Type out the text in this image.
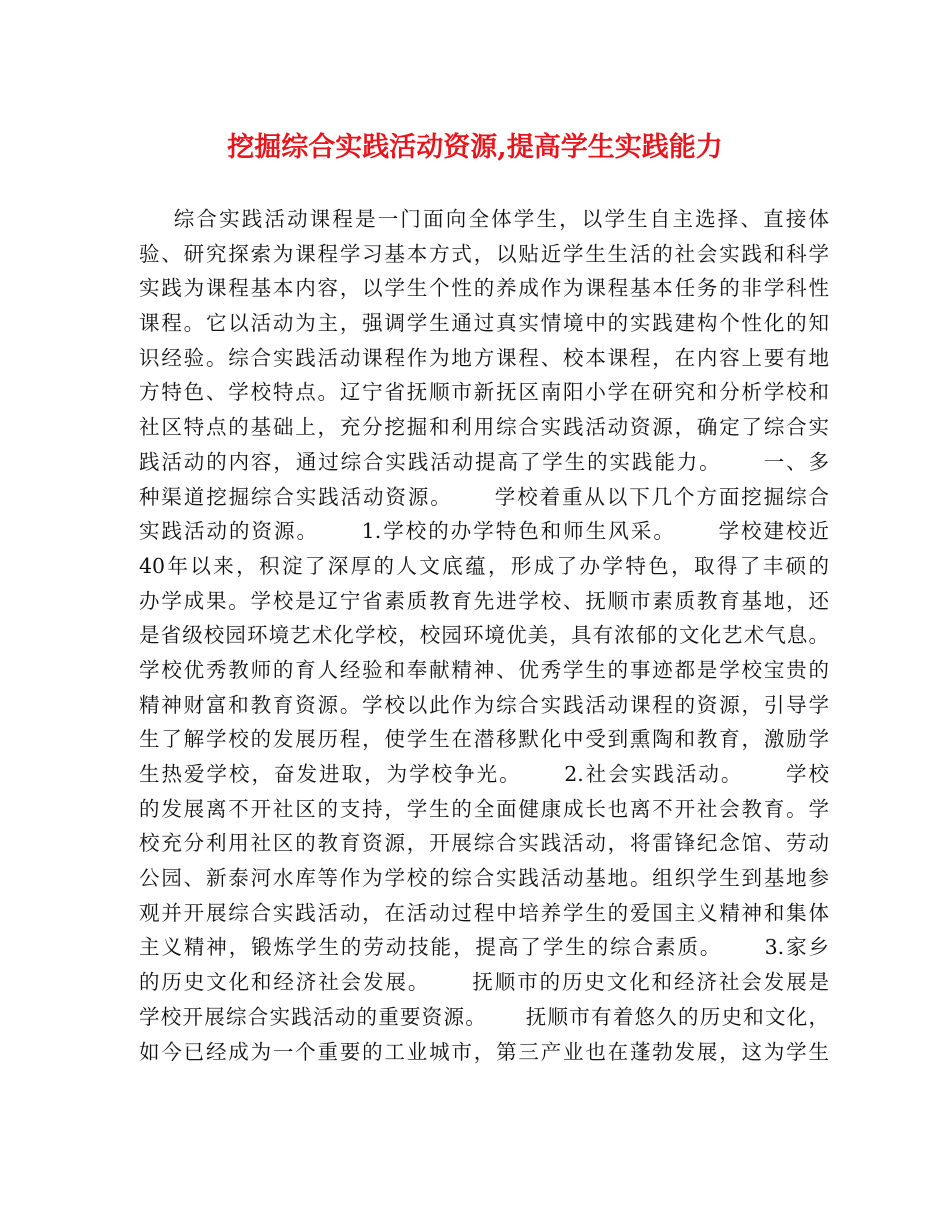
挖掘综合实践活动资源,提高学生实践能力
综合实践活动课程是一门面向全体学生，以学生自主选择、直接体
验、研究探索为课程学习基本方式，以贴近学生生活的社会实践和科学
实践为课程基本内容，以学生个性的养成作为课程基本任务的非学科性
课程。它以活动为主，强调学生通过真实情境中的实践建构个性化的知
识经验。综合实践活动课程作为地方课程、校本课程，在内容上要有地
方特色、学校特点。辽宁省抚顺市新抚区南阳小学在研究和分析学校和
社区特点的基础上，充分挖掘和利用综合实践活动资源，确定了综合实
践活动的内容，通过综合实践活动提高了学生的实践能力。     一、多
种渠道挖掘综合实践活动资源。     学校着重从以下几个方面挖掘综合
实践活动的资源。     1.学校的办学特色和师生风采。     学校建校近
40年以来，积淀了深厚的人文底蕴，形成了办学特色，取得了丰硕的
办学成果。学校是辽宁省素质教育先进学校、抚顺市素质教育基地，还
是省级校园环境艺术化学校，校园环境优美，具有浓郁的文化艺术气息。
学校优秀教师的育人经验和奉献精神、优秀学生的事迹都是学校宝贵的
精神财富和教育资源。学校以此作为综合实践活动课程的资源，引导学
生了解学校的发展历程，使学生在潜移默化中受到熏陶和教育，激励学
生热爱学校，奋发进取，为学校争光。     2.社会实践活动。     学校
的发展离不开社区的支持，学生的全面健康成长也离不开社会教育。学
校充分利用社区的教育资源，开展综合实践活动，将雷锋纪念馆、劳动
公园、新泰河水库等作为学校的综合实践活动基地。组织学生到基地参
观并开展综合实践活动，在活动过程中培养学生的爱国主义精神和集体
主义精神，锻炼学生的劳动技能，提高了学生的综合素质。     3.家乡
的历史文化和经济社会发展。     抚顺市的历史文化和经济社会发展是
学校开展综合实践活动的重要资源。     抚顺市有着悠久的历史和文化，
如今已经成为一个重要的工业城市，第三产业也在蓬勃发展，这为学生
